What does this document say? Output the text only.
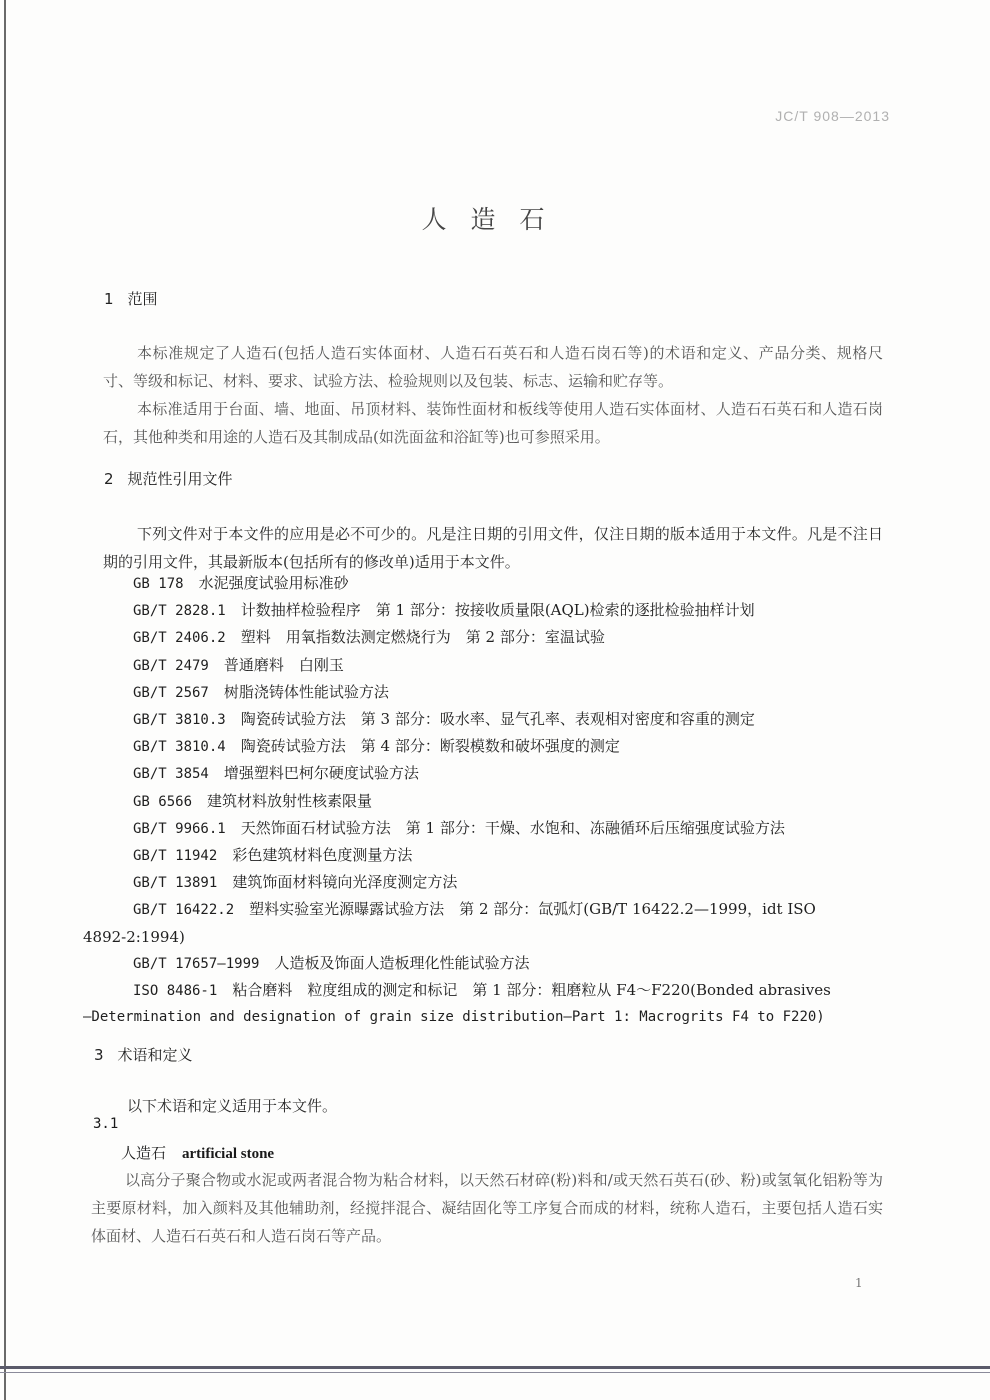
JC/T 908—2013
人造石
1 范围
本标准规定了人造石(包括人造石实体面材、人造石石英石和人造石岗石等)的术语和定义、产品分类、规格尺寸、等级和标记、材料、要求、试验方法、检验规则以及包装、标志、运输和贮存等。
本标准适用于台面、墙、地面、吊顶材料、装饰性面材和板线等使用人造石实体面材、人造石石英石和人造石岗石，其他种类和用途的人造石及其制成品(如洗面盆和浴缸等)也可参照采用。
2 规范性引用文件
下列文件对于本文件的应用是必不可少的。凡是注日期的引用文件，仅注日期的版本适用于本文件。凡是不注日期的引用文件，其最新版本(包括所有的修改单)适用于本文件。
GB 178　 水泥强度试验用标准砂
GB/T 2828.1　 计数抽样检验程序　第 1 部分：按接收质量限(AQL)检索的逐批检验抽样计划
GB/T 2406.2　 塑料　用氧指数法测定燃烧行为　第 2 部分：室温试验
GB/T 2479　 普通磨料　白刚玉
GB/T 2567　 树脂浇铸体性能试验方法
GB/T 3810.3　 陶瓷砖试验方法　第 3 部分：吸水率、显气孔率、表观相对密度和容重的测定
GB/T 3810.4　 陶瓷砖试验方法　第 4 部分：断裂模数和破坏强度的测定
GB/T 3854　 增强塑料巴柯尔硬度试验方法
GB 6566　 建筑材料放射性核素限量
GB/T 9966.1　 天然饰面石材试验方法　第 1 部分：干燥、水饱和、冻融循环后压缩强度试验方法
GB/T 11942　 彩色建筑材料色度测量方法
GB/T 13891　 建筑饰面材料镜向光泽度测定方法
GB/T 16422.2　 塑料实验室光源曝露试验方法　第 2 部分：氙弧灯(GB/T 16422.2—1999，idt ISO
4892-2:1994)
GB/T 17657—1999　 人造板及饰面人造板理化性能试验方法
ISO 8486-1　 粘合磨料　粒度组成的测定和标记　第 1 部分：粗磨粒从 F4～F220(Bonded abrasives
—Determination and designation of grain size distribution—Part 1: Macrogrits F4 to F220)
3 术语和定义
以下术语和定义适用于本文件。
3.1
人造石 artificial stone
以高分子聚合物或水泥或两者混合物为粘合材料，以天然石材碎(粉)料和/或天然石英石(砂、粉)或氢氧化铝粉等为主要原材料，加入颜料及其他辅助剂，经搅拌混合、凝结固化等工序复合而成的材料，统称人造石，主要包括人造石实体面材、人造石石英石和人造石岗石等产品。
1
